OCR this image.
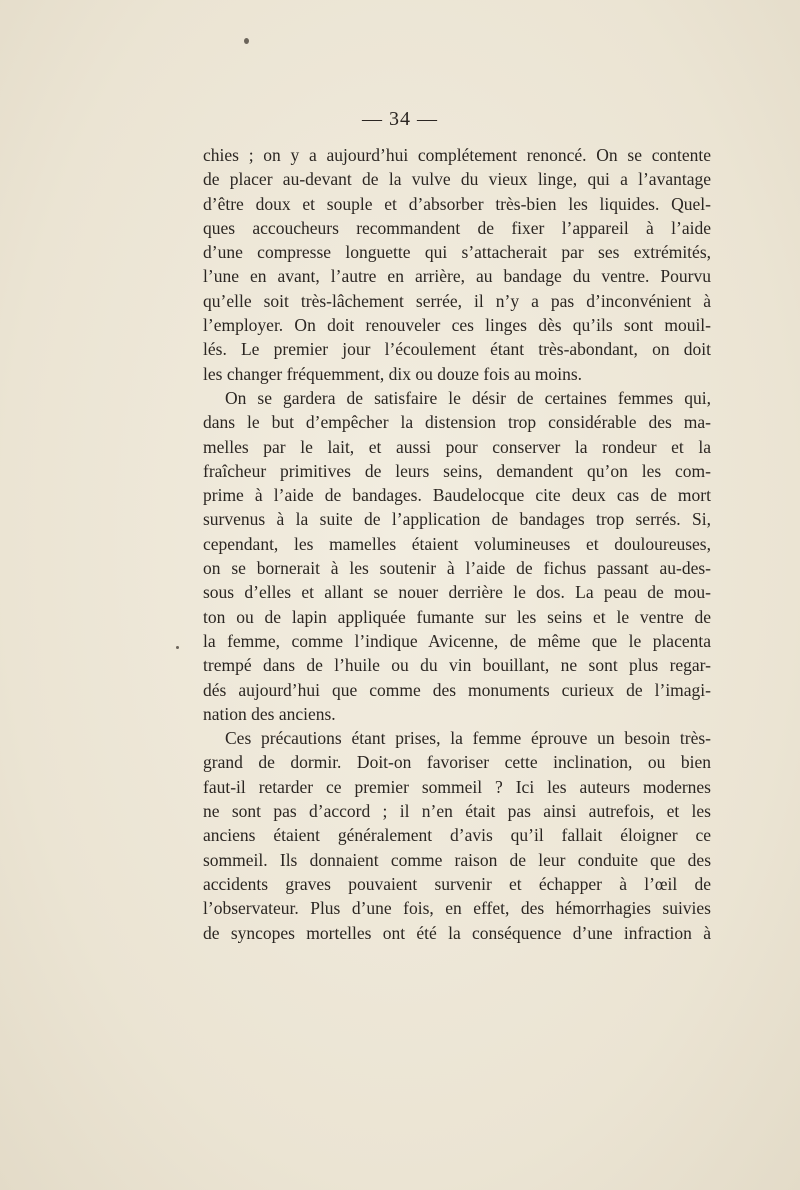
— 34 —
chies ; on y a aujourd’hui complétement renoncé. On se contente
de placer au-devant de la vulve du vieux linge, qui a l’avantage
d’être doux et souple et d’absorber très-bien les liquides. Quel-
ques accoucheurs recommandent de fixer l’appareil à l’aide
d’une compresse longuette qui s’attacherait par ses extrémités,
l’une en avant, l’autre en arrière, au bandage du ventre. Pourvu
qu’elle soit très-lâchement serrée, il n’y a pas d’inconvénient à
l’employer. On doit renouveler ces linges dès qu’ils sont mouil-
lés. Le premier jour l’écoulement étant très-abondant, on doit
les changer fréquemment, dix ou douze fois au moins.
On se gardera de satisfaire le désir de certaines femmes qui,
dans le but d’empêcher la distension trop considérable des ma-
melles par le lait, et aussi pour conserver la rondeur et la
fraîcheur primitives de leurs seins, demandent qu’on les com-
prime à l’aide de bandages. Baudelocque cite deux cas de mort
survenus à la suite de l’application de bandages trop serrés. Si,
cependant, les mamelles étaient volumineuses et douloureuses,
on se bornerait à les soutenir à l’aide de fichus passant au-des-
sous d’elles et allant se nouer derrière le dos. La peau de mou-
ton ou de lapin appliquée fumante sur les seins et le ventre de
la femme, comme l’indique Avicenne, de même que le placenta
trempé dans de l’huile ou du vin bouillant, ne sont plus regar-
dés aujourd’hui que comme des monuments curieux de l’imagi-
nation des anciens.
Ces précautions étant prises, la femme éprouve un besoin très-
grand de dormir. Doit-on favoriser cette inclination, ou bien
faut-il retarder ce premier sommeil ? Ici les auteurs modernes
ne sont pas d’accord ; il n’en était pas ainsi autrefois, et les
anciens étaient généralement d’avis qu’il fallait éloigner ce
sommeil. Ils donnaient comme raison de leur conduite que des
accidents graves pouvaient survenir et échapper à l’œil de
l’observateur. Plus d’une fois, en effet, des hémorrhagies suivies
de syncopes mortelles ont été la conséquence d’une infraction à
